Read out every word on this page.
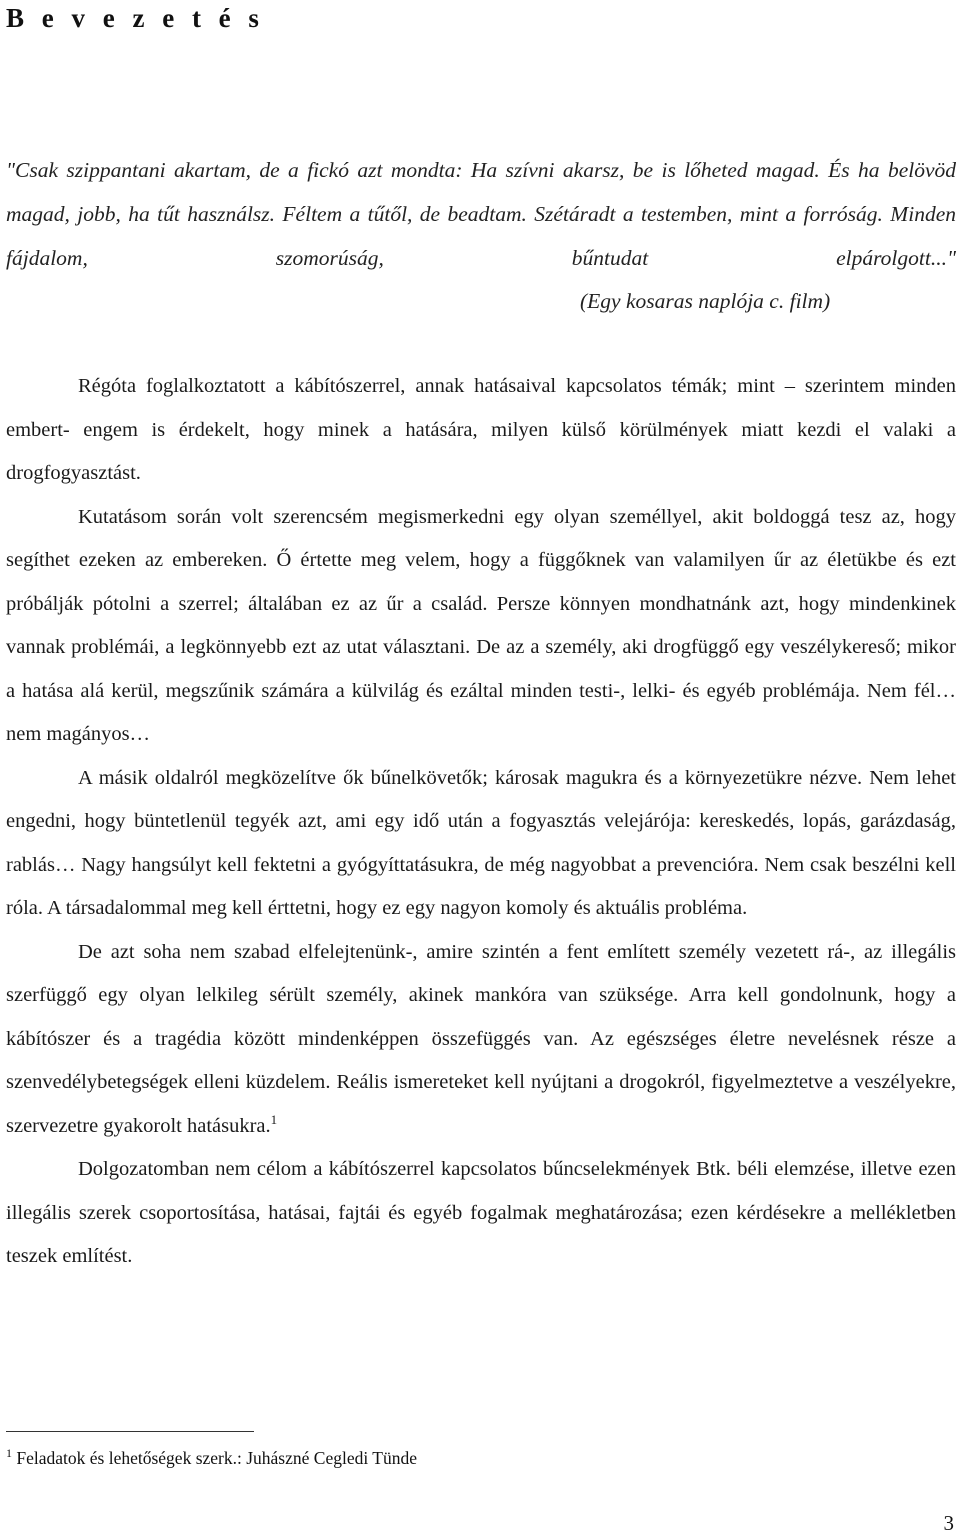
B e v e z e t é s

"Csak szippantani akartam, de a fickó azt mondta: Ha szívni akarsz, be is lőheted magad. És ha belövöd magad, jobb, ha tűt használsz. Féltem a tűtől, de beadtam. Szétáradt a testemben, mint a forróság. Minden fájdalom, szomorúság, bűntudat elpárolgott..."

(Egy kosaras naplója c. film)

Régóta foglalkoztatott a kábítószerrel, annak hatásaival kapcsolatos témák; mint – szerintem minden embert- engem is érdekelt, hogy minek a hatására, milyen külső körülmények miatt kezdi el valaki a drogfogyasztást.

Kutatásom során volt szerencsém megismerkedni egy olyan személlyel, akit boldoggá tesz az, hogy segíthet ezeken az embereken. Ő értette meg velem, hogy a függőknek van valamilyen űr az életükbe és ezt próbálják pótolni a szerrel; általában ez az űr a család. Persze könnyen mondhatnánk azt, hogy mindenkinek vannak problémái, a legkönnyebb ezt az utat választani. De az a személy, aki drogfüggő egy veszélykereső; mikor a hatása alá kerül, megszűnik számára a külvilág és ezáltal minden testi-, lelki- és egyéb problémája. Nem fél… nem magányos…

A másik oldalról megközelítve ők bűnelkövetők; károsak magukra és a környezetükre nézve. Nem lehet engedni, hogy büntetlenül tegyék azt, ami egy idő után a fogyasztás velejárója: kereskedés, lopás, garázdaság, rablás… Nagy hangsúlyt kell fektetni a gyógyíttatásukra, de még nagyobbat a prevencióra. Nem csak beszélni kell róla. A társadalommal meg kell érttetni, hogy ez egy nagyon komoly és aktuális probléma.

De azt soha nem szabad elfelejtenünk-, amire szintén a fent említett személy vezetett rá-, az illegális szerfüggő egy olyan lelkileg sérült személy, akinek mankóra van szüksége. Arra kell gondolnunk, hogy a kábítószer és a tragédia között mindenképpen összefüggés van. Az egészséges életre nevelésnek része a szenvedélybetegségek elleni küzdelem. Reális ismereteket kell nyújtani a drogokról, figyelmeztetve a veszélyekre, szervezetre gyakorolt hatásukra.$^1$

Dolgozatomban nem célom a kábítószerrel kapcsolatos bűncselekmények Btk. béli elemzése, illetve ezen illegális szerek csoportosítása, hatásai, fajtái és egyéb fogalmak meghatározása; ezen kérdésekre a mellékletben teszek említést.

$^1$ Feladatok és lehetőségek szerk.: Juhászné Cegledi Tünde

3
